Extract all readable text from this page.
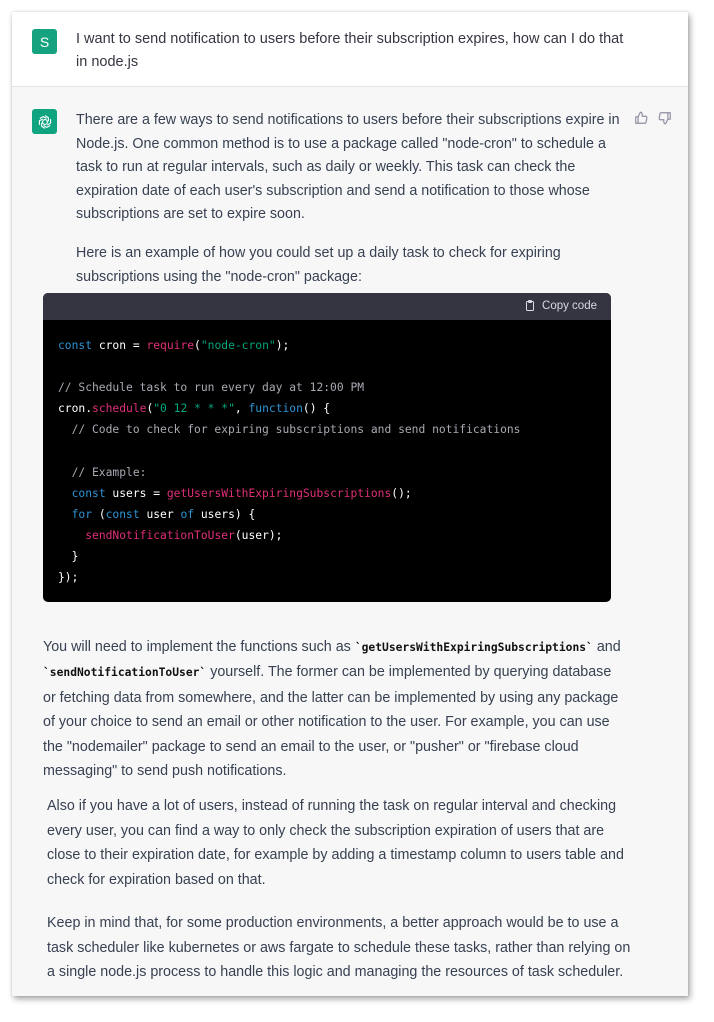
S I want to send notification to users before their subscription expires, how can I do that in node.js

There are a few ways to send notifications to users before their subscriptions expire in Node.js. One common method is to use a package called "node-cron" to schedule a task to run at regular intervals, such as daily or weekly. This task can check the expiration date of each user's subscription and send a notification to those whose subscriptions are set to expire soon.

Here is an example of how you could set up a daily task to check for expiring subscriptions using the "node-cron" package:

Copy code
const cron = require("node-cron");

// Schedule task to run every day at 12:00 PM
cron.schedule("0 12 * * *", function() {
// Code to check for expiring subscriptions and send notifications

// Example:
const users = getUsersWithExpiringSubscriptions();
for (const user of users) {
sendNotificationToUser(user);
}
});

You will need to implement the functions such as `getUsersWithExpiringSubscriptions` and `sendNotificationToUser` yourself. The former can be implemented by querying database or fetching data from somewhere, and the latter can be implemented by using any package of your choice to send an email or other notification to the user. For example, you can use the "nodemailer" package to send an email to the user, or "pusher" or "firebase cloud messaging" to send push notifications.

Also if you have a lot of users, instead of running the task on regular interval and checking every user, you can find a way to only check the subscription expiration of users that are close to their expiration date, for example by adding a timestamp column to users table and check for expiration based on that.

Keep in mind that, for some production environments, a better approach would be to use a task scheduler like kubernetes or aws fargate to schedule these tasks, rather than relying on a single node.js process to handle this logic and managing the resources of task scheduler.
